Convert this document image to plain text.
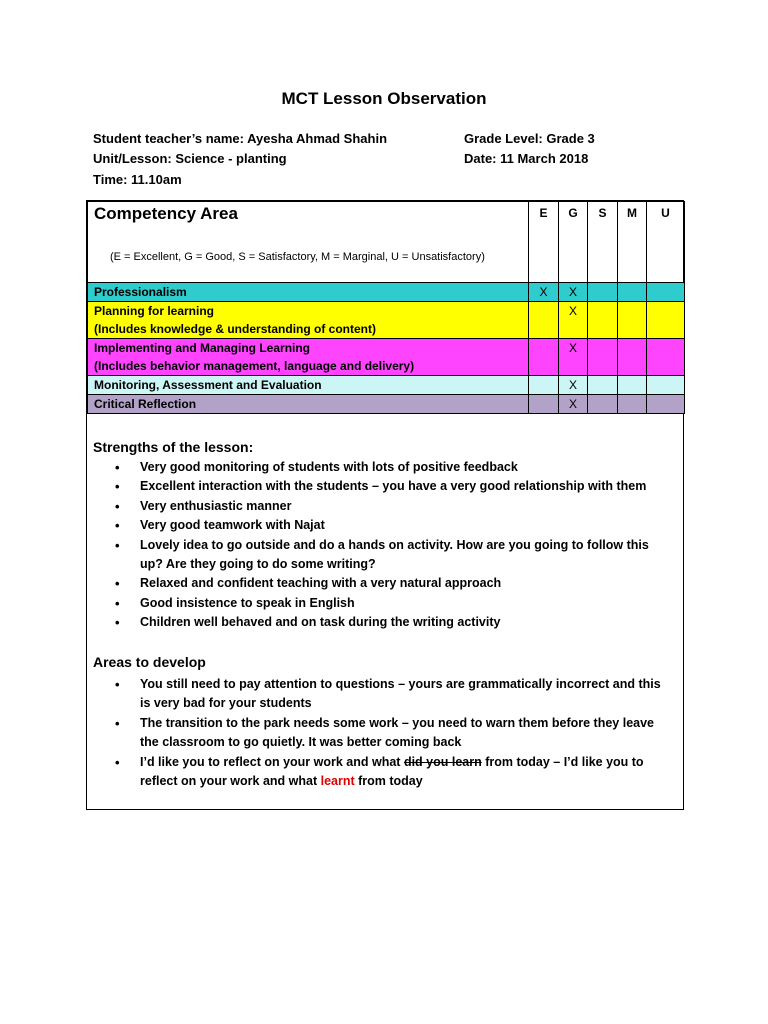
MCT Lesson Observation
Student teacher’s name: Ayesha Ahmad Shahin
Unit/Lesson: Science - planting
Time: 11.10am
Grade Level: Grade 3
Date: 11 March 2018
Competency Area
(E = Excellent, G = Good, S = Satisfactory, M = Marginal, U = Unsatisfactory)	E	G	S	M	U

Professionalism	X	X			

Planning for learning
(Includes knowledge & understanding of content)		X			

Implementing and Managing Learning
(Includes behavior management, language and delivery)		X			

Monitoring, Assessment and Evaluation		X			

Critical Reflection		X			
Strengths of the lesson:
• Very good monitoring of students with lots of positive feedback
• Excellent interaction with the students – you have a very good relationship with them
• Very enthusiastic manner
• Very good teamwork with Najat
• Lovely idea to go outside and do a hands on activity. How are you going to follow this up? Are they going to do some writing?
• Relaxed and confident teaching with a very natural approach
• Good insistence to speak in English
• Children well behaved and on task during the writing activity
Areas to develop
• You still need to pay attention to questions – yours are grammatically incorrect and this is very bad for your students
• The transition to the park needs some work – you need to warn them before they leave the classroom to go quietly. It was better coming back
• I’d like you to reflect on your work and what did you learn from today – I’d like you to reflect on your work and what learnt from today
